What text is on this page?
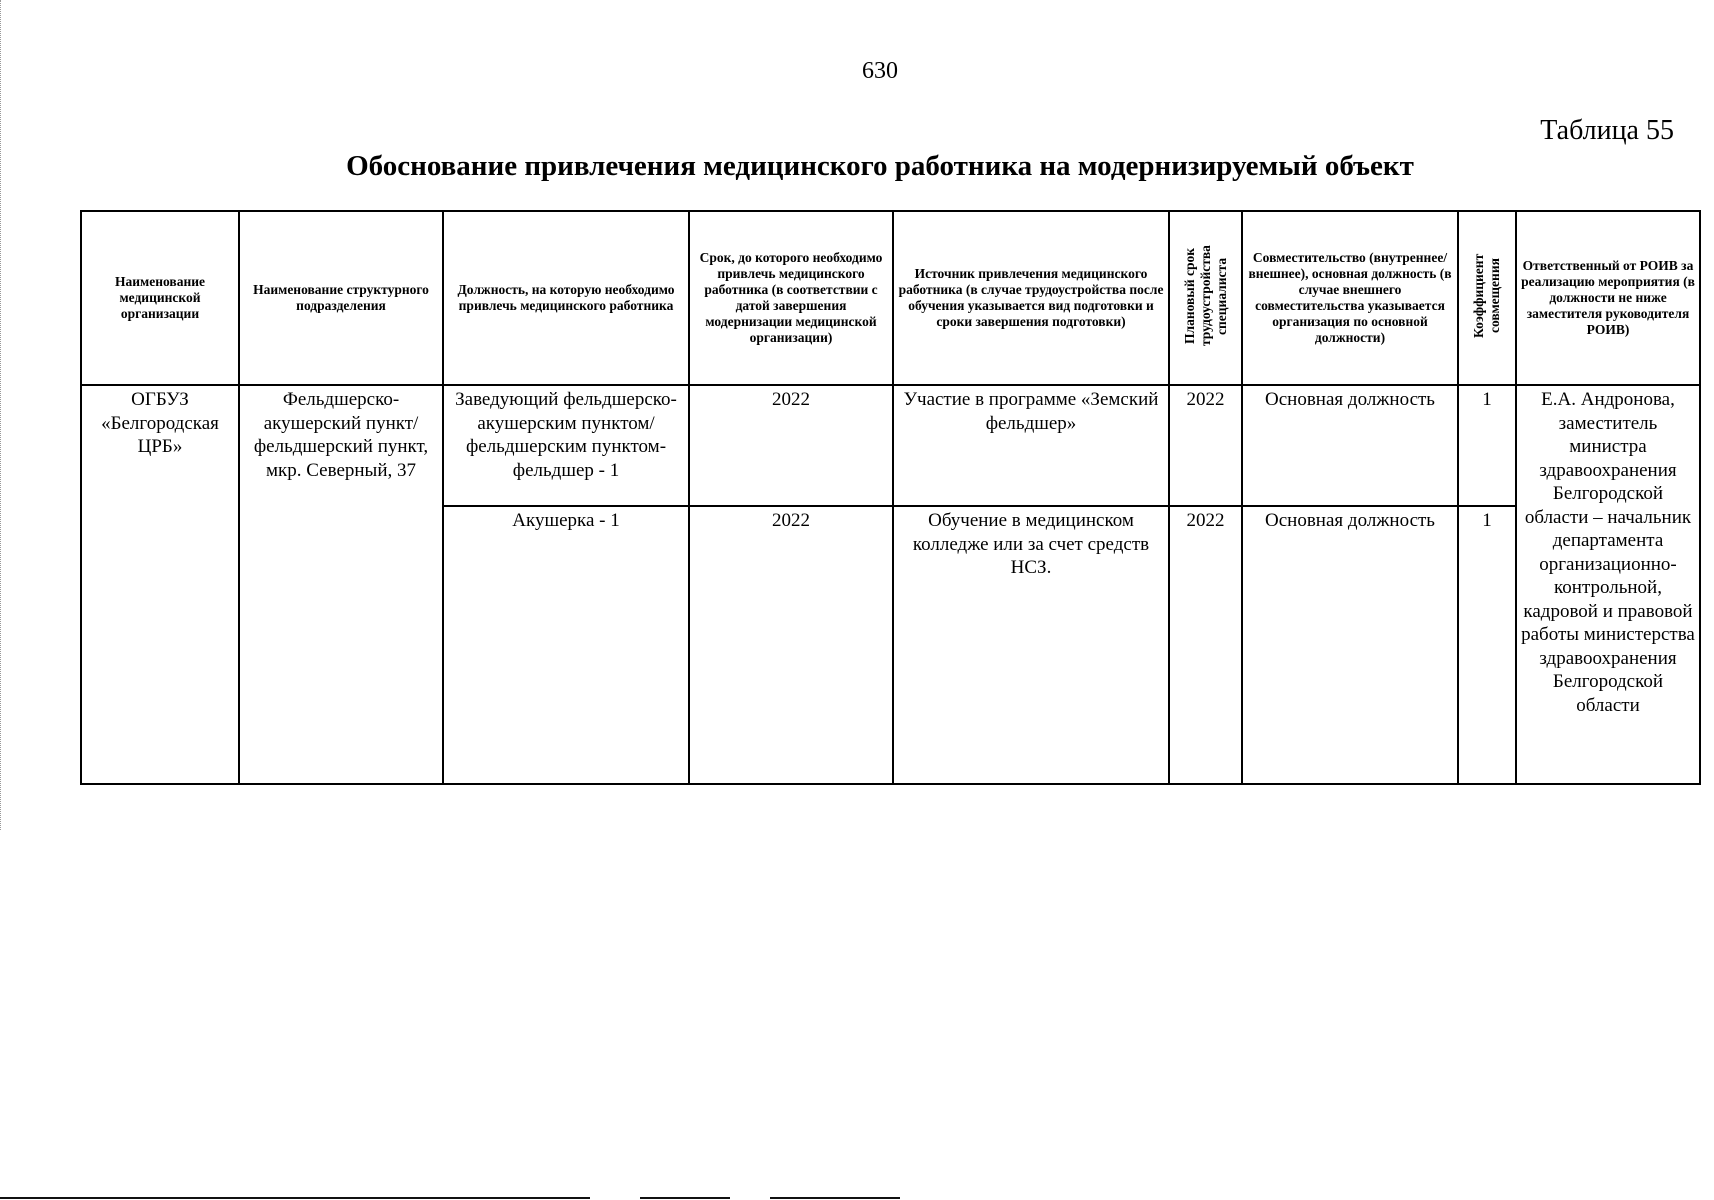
630
Таблица 55
Обоснование привлечения медицинского работника на модернизируемый объект
Наименование медицинской организации	Наименование структурного подразделения	Должность, на которую необходимо привлечь медицинского работника	Срок, до которого необходимо привлечь медицинского работника (в соответствии с датой завершения модернизации медицинской организации)	Источник привлечения медицинского работника (в случае трудоустройства после обучения указывается вид подготовки и сроки завершения подготовки)	Плановый срок трудоустройства специалиста	Совместительство (внутреннее/ внешнее), основная должность (в случае внешнего совместительства указывается организация по основной должности)	Коэффициент совмещения	Ответственный от РОИВ за реализацию мероприятия (в должности не ниже заместителя руководителя РОИВ)
ОГБУЗ «Белгородская ЦРБ»	Фельдшерско-акушерский пункт/ фельдшерский пункт, мкр. Северный, 37	Заведующий фельдшерско-акушерским пунктом/фельдшерским пунктом- фельдшер - 1	2022	Участие в программе «Земский фельдшер»	2022	Основная должность	1	Е.А. Андронова, заместитель министра здравоохранения Белгородской области – начальник департамента организационно-контрольной, кадровой и правовой работы министерства здравоохранения Белгородской области
		Акушерка - 1	2022	Обучение в медицинском колледже или за счет средств НСЗ.	2022	Основная должность	1	
